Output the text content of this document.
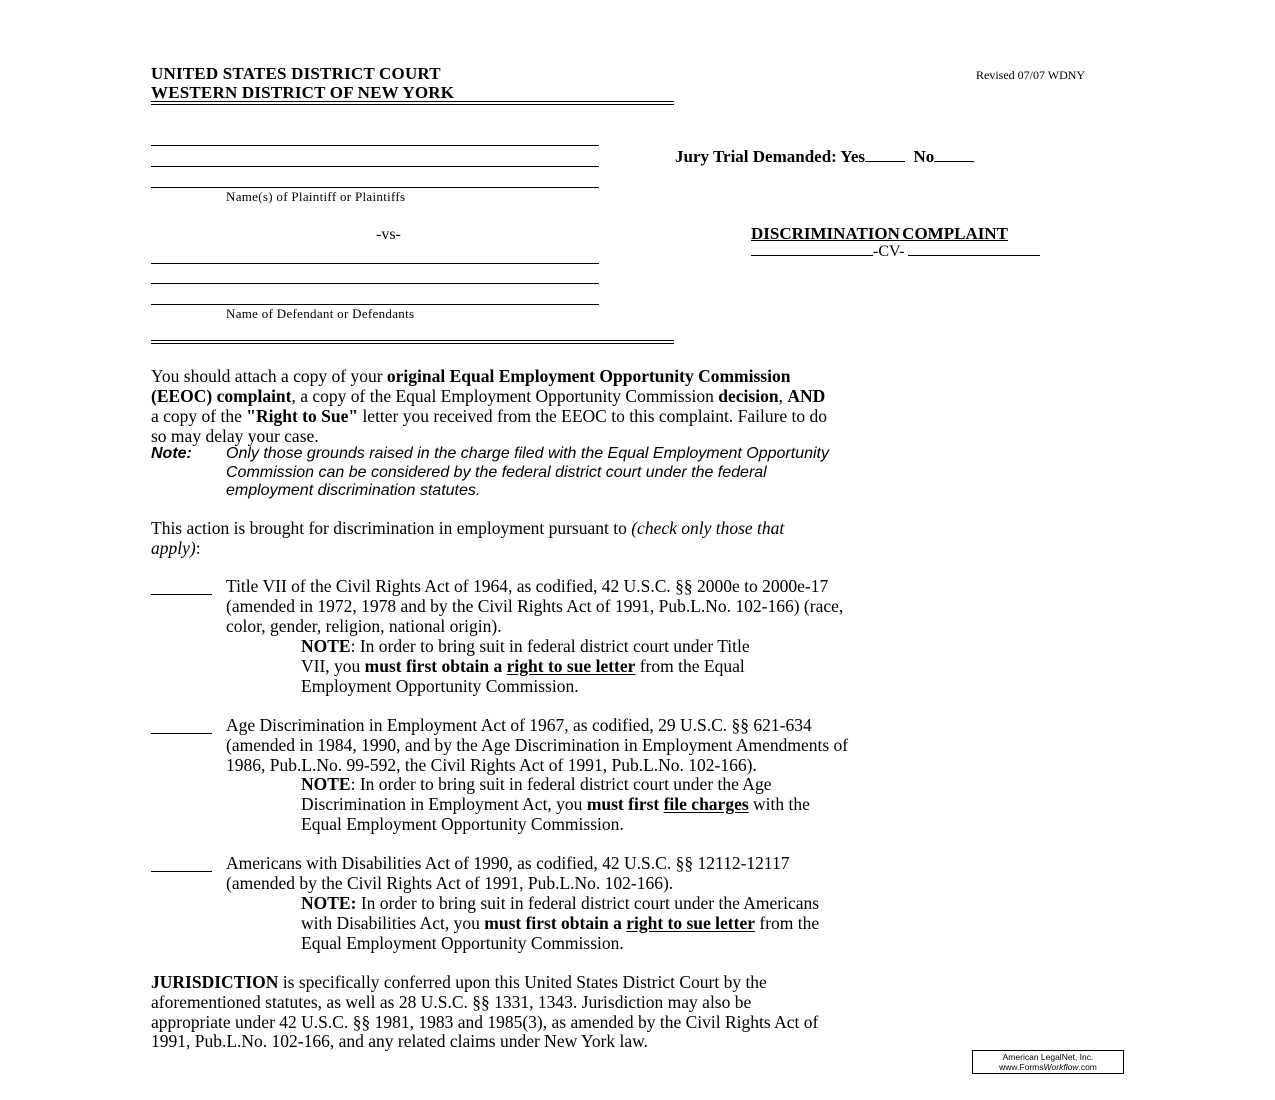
UNITED STATES DISTRICT COURT
WESTERN DISTRICT OF NEW YORK
Revised 07/07 WDNY
Name(s) of Plaintiff or Plaintiffs
-vs-
Name of Defendant or Defendants
Jury Trial Demanded: Yes	No
DISCRIMINATION COMPLAINT
-CV-
You should attach a copy of your original Equal Employment Opportunity Commission
(EEOC) complaint, a copy of the Equal Employment Opportunity Commission decision, AND
a copy of the "Right to Sue" letter you received from the EEOC to this complaint. Failure to do
so may delay your case.
Note: Only those grounds raised in the charge filed with the Equal Employment Opportunity
Commission can be considered by the federal district court under the federal
employment discrimination statutes.
This action is brought for discrimination in employment pursuant to (check only those that
apply):
Title VII of the Civil Rights Act of 1964, as codified, 42 U.S.C. §§ 2000e to 2000e-17
(amended in 1972, 1978 and by the Civil Rights Act of 1991, Pub.L.No. 102-166) (race,
color, gender, religion, national origin).
NOTE: In order to bring suit in federal district court under Title
VII, you must first obtain a right to sue letter from the Equal
Employment Opportunity Commission.
Age Discrimination in Employment Act of 1967, as codified, 29 U.S.C. §§ 621-634
(amended in 1984, 1990, and by the Age Discrimination in Employment Amendments of
1986, Pub.L.No. 99-592, the Civil Rights Act of 1991, Pub.L.No. 102-166).
NOTE: In order to bring suit in federal district court under the Age
Discrimination in Employment Act, you must first file charges with the
Equal Employment Opportunity Commission.
Americans with Disabilities Act of 1990, as codified, 42 U.S.C. §§ 12112-12117
(amended by the Civil Rights Act of 1991, Pub.L.No. 102-166).
NOTE: In order to bring suit in federal district court under the Americans
with Disabilities Act, you must first obtain a right to sue letter from the
Equal Employment Opportunity Commission.
JURISDICTION is specifically conferred upon this United States District Court by the
aforementioned statutes, as well as 28 U.S.C. §§ 1331, 1343. Jurisdiction may also be
appropriate under 42 U.S.C. §§ 1981, 1983 and 1985(3), as amended by the Civil Rights Act of
1991, Pub.L.No. 102-166, and any related claims under New York law.
American LegalNet, Inc.
www.FormsWorkflow.com
